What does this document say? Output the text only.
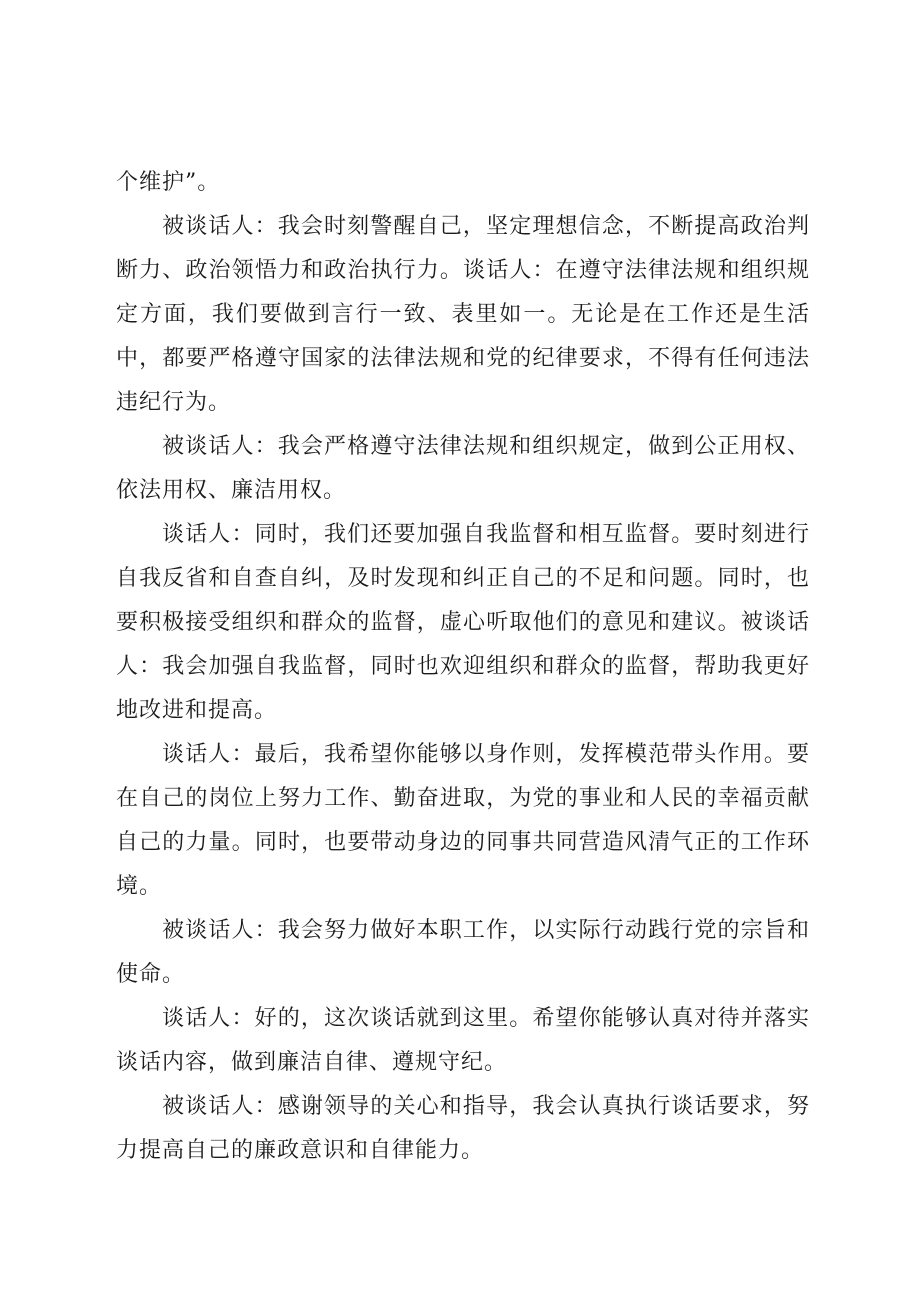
个维护”。

被谈话人：我会时刻警醒自己，坚定理想信念，不断提高政治判断力、政治领悟力和政治执行力。谈话人：在遵守法律法规和组织规定方面，我们要做到言行一致、表里如一。无论是在工作还是生活中，都要严格遵守国家的法律法规和党的纪律要求，不得有任何违法违纪行为。

被谈话人：我会严格遵守法律法规和组织规定，做到公正用权、依法用权、廉洁用权。

谈话人：同时，我们还要加强自我监督和相互监督。要时刻进行自我反省和自查自纠，及时发现和纠正自己的不足和问题。同时，也要积极接受组织和群众的监督，虚心听取他们的意见和建议。被谈话人：我会加强自我监督，同时也欢迎组织和群众的监督，帮助我更好地改进和提高。

谈话人：最后，我希望你能够以身作则，发挥模范带头作用。要在自己的岗位上努力工作、勤奋进取，为党的事业和人民的幸福贡献自己的力量。同时，也要带动身边的同事共同营造风清气正的工作环境。

被谈话人：我会努力做好本职工作，以实际行动践行党的宗旨和使命。

谈话人：好的，这次谈话就到这里。希望你能够认真对待并落实谈话内容，做到廉洁自律、遵规守纪。

被谈话人：感谢领导的关心和指导，我会认真执行谈话要求，努力提高自己的廉政意识和自律能力。
